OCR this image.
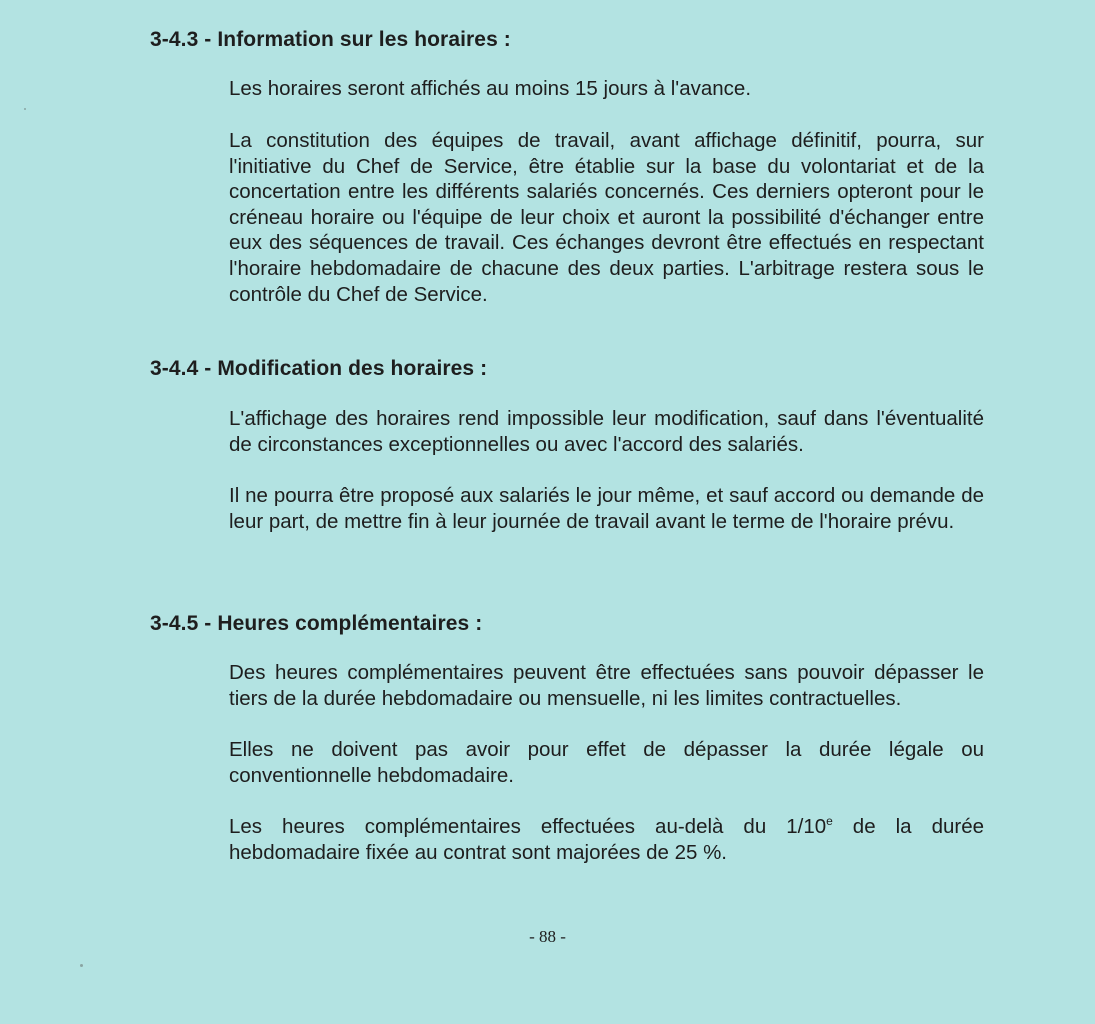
3-4.3 - Information sur les horaires :
Les horaires seront affichés au moins 15 jours à l'avance.
La constitution des équipes de travail, avant affichage définitif, pourra, sur l'initiative du Chef de Service, être établie sur la base du volontariat et de la concertation entre les différents salariés concernés. Ces derniers opteront pour le créneau horaire ou l'équipe de leur choix et auront la possibilité d'échanger entre eux des séquences de travail. Ces échanges devront être effectués en respectant l'horaire hebdomadaire de chacune des deux parties. L'arbitrage restera sous le contrôle du Chef de Service.
3-4.4 - Modification des horaires :
L'affichage des horaires rend impossible leur modification, sauf dans l'éventualité de circonstances exceptionnelles ou avec l'accord des salariés.
Il ne pourra être proposé aux salariés le jour même, et sauf accord ou demande de leur part, de mettre fin à leur journée de travail avant le terme de l'horaire prévu.
3-4.5 - Heures complémentaires :
Des heures complémentaires peuvent être effectuées sans pouvoir dépasser le tiers de la durée hebdomadaire ou mensuelle, ni les limites contractuelles.
Elles ne doivent pas avoir pour effet de dépasser la durée légale ou conventionnelle hebdomadaire.
Les heures complémentaires effectuées au-delà du 1/10e de la durée hebdomadaire fixée au contrat sont majorées de 25 %.
- 88 -
